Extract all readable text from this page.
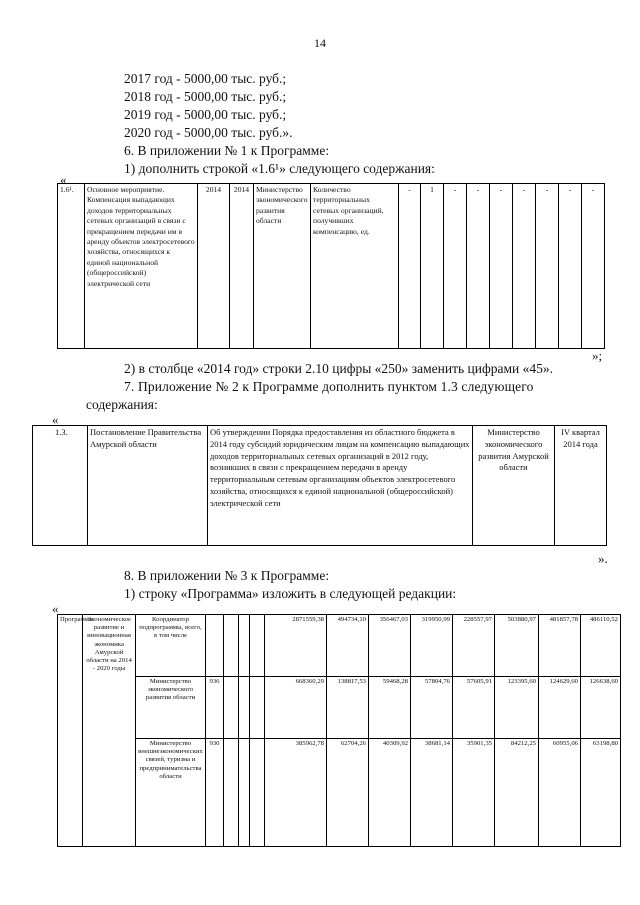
14
2017 год - 5000,00 тыс. руб.;
2018 год - 5000,00 тыс. руб.;
2019 год - 5000,00 тыс. руб.;
2020 год - 5000,00 тыс. руб.».
6. В приложении № 1 к Программе:
1) дополнить строкой «1.6¹» следующего содержания:
«
1.6¹.	Основное мероприятие. Компенсация выпадающих доходов территориальных сетевых организаций в связи с прекращением передачи им в аренду объектов электросетевого хозяйства, относящихся к единой национальной (общероссийской) электрической сети	2014	2014	Министерство экономического развития области	Количество территориальных сетевых организаций, получивших компенсацию, ед.	-	1	-	-	-	-	-	-	-
»;
2) в столбце «2014 год» строки 2.10 цифры «250» заменить цифрами «45».
7. Приложение № 2 к Программе дополнить пунктом 1.3 следующего
содержания:
«
1.3.	Постановление Правительства Амурской области	Об утверждении Порядка предоставления из областного бюджета в 2014 году субсидий юридическим лицам на компенсацию выпадающих доходов территориальных сетевых организаций в 2012 году, возникших в связи с прекращением передачи в аренду территориальным сетевым организациям объектов электросетевого хозяйства, относящихся к единой национальной (общероссийской) электрической сети	Министерство экономического развития Амурской области	IV квартал 2014 года
».
8. В приложении № 3 к Программе:
1) строку «Программа» изложить в следующей редакции:
«
Программа	Экономическое развитие и инновационная экономика Амурской области на 2014 - 2020 годы	Координатор подпрограммы, всего, в том числе					2871559,38	494734,10	356467,03	319950,99	228557,97	503880,97	481857,78	486110,52
		Министерство экономического развития области	936				668360,29	138817,53	59468,28	57804,76	57605,91	123395,60	124629,60	126638,60
		Министерство внешнеэкономических связей, туризма и предпринимательства области	930				385962,78	62704,26	40309,92	38681,14	35901,35	84212,25	60955,06	63198,80
